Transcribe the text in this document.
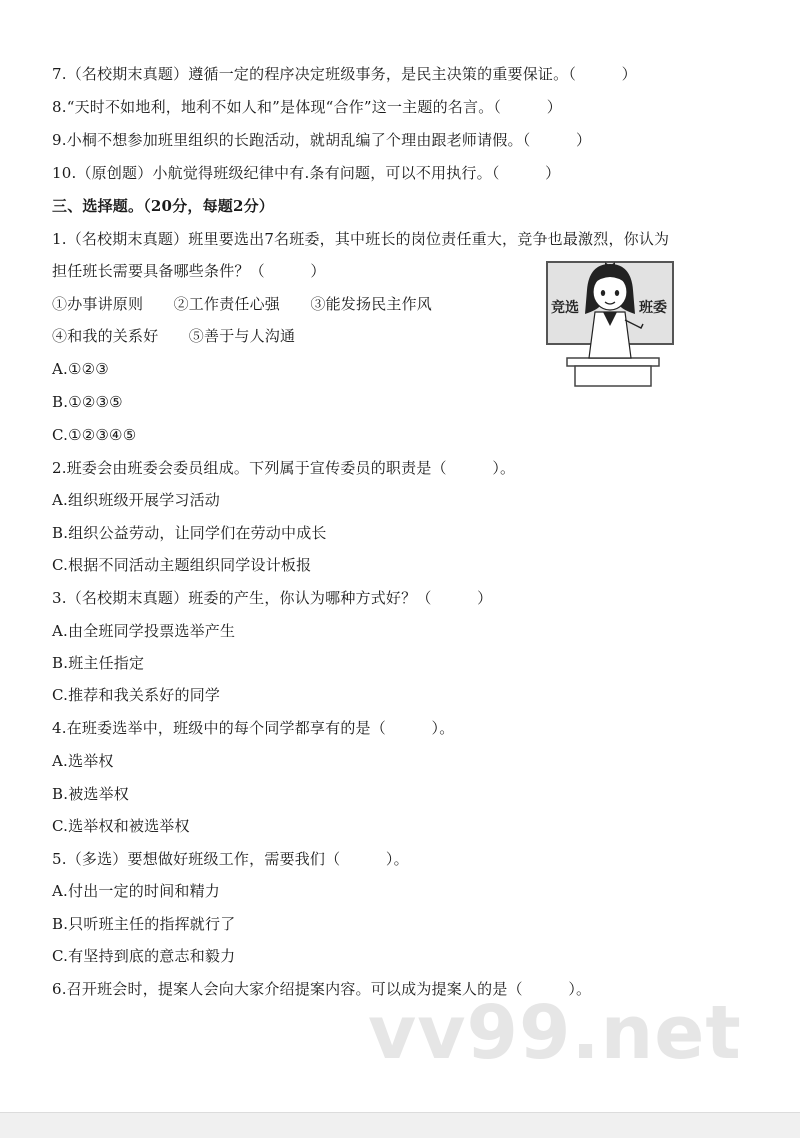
7.（名校期末真题）遵循一定的程序决定班级事务，是民主决策的重要保证。（　　　）
8.“天时不如地利，地利不如人和”是体现“合作”这一主题的名言。（　　　）
9.小桐不想参加班里组织的长跑活动，就胡乱编了个理由跟老师请假。（　　　）
10.（原创题）小航觉得班级纪律中有.条有问题，可以不用执行。（　　　）
三、选择题。（20分，每题2分）
1.（名校期末真题）班里要选出7名班委，其中班长的岗位责任重大，竞争也最激烈，你认为
担任班长需要具备哪些条件？（　　　）
①办事讲原则　　②工作责任心强　　③能发扬民主作风
④和我的关系好　　⑤善于与人沟通
A.①②③
B.①②③⑤
C.①②③④⑤
2.班委会由班委会委员组成。下列属于宣传委员的职责是（　　　）。
A.组织班级开展学习活动
B.组织公益劳动，让同学们在劳动中成长
C.根据不同活动主题组织同学设计板报
3.（名校期末真题）班委的产生，你认为哪种方式好？（　　　）
A.由全班同学投票选举产生
B.班主任指定
C.推荐和我关系好的同学
4.在班委选举中，班级中的每个同学都享有的是（　　　）。
A.选举权
B.被选举权
C.选举权和被选举权
5.（多选）要想做好班级工作，需要我们（　　　）。
A.付出一定的时间和精力
B.只听班主任的指挥就行了
C.有坚持到底的意志和毅力
6.召开班会时，提案人会向大家介绍提案内容。可以成为提案人的是（　　　）。
竞选	班委
vv99.net
